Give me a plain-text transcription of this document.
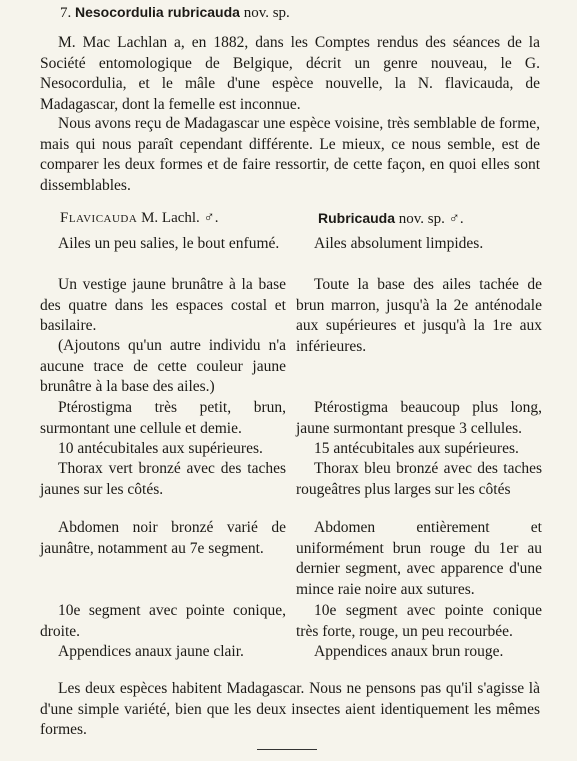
7. Nesocordulia rubricauda nov. sp.

M. Mac Lachlan a, en 1882, dans les Comptes rendus des séances de la Société entomologique de Belgique, décrit un genre nouveau, le G. Nesocordulia, et le mâle d'une espèce nouvelle, la N. flavicauda, de Madagascar, dont la femelle est inconnue.

Nous avons reçu de Madagascar une espèce voisine, très semblable de forme, mais qui nous paraît cependant différente. Le mieux, ce nous semble, est de comparer les deux formes et de faire ressortir, de cette façon, en quoi elles sont dissemblables.

Flavicauda M. Lachl. ♂.	Rubricauda nov. sp. ♂.

Ailes un peu salies, le bout enfumé.

Un vestige jaune brunâtre à la base des quatre dans les espaces costal et basilaire.

(Ajoutons qu'un autre individu n'a aucune trace de cette couleur jaune brunâtre à la base des ailes.)

Ptérostigma très petit, brun, surmontant une cellule et demie.

10 antécubitales aux supérieures.

Thorax vert bronzé avec des taches jaunes sur les côtés.

Abdomen noir bronzé varié de jaunâtre, notamment au 7e segment.

10e segment avec pointe conique, droite.

Appendices anaux jaune clair.

Ailes absolument limpides.

Toute la base des ailes tachée de brun marron, jusqu'à la 2e anténodale aux supérieures et jusqu'à la 1re aux inférieures.

Ptérostigma beaucoup plus long, jaune surmontant presque 3 cellules.

15 antécubitales aux supérieures.

Thorax bleu bronzé avec des taches rougeâtres plus larges sur les côtés

Abdomen entièrement et uniformément brun rouge du 1er au dernier segment, avec apparence d'une mince raie noire aux sutures.

10e segment avec pointe conique très forte, rouge, un peu recourbée.

Appendices anaux brun rouge.

Les deux espèces habitent Madagascar. Nous ne pensons pas qu'il s'agisse là d'une simple variété, bien que les deux insectes aient identiquement les mêmes formes.
